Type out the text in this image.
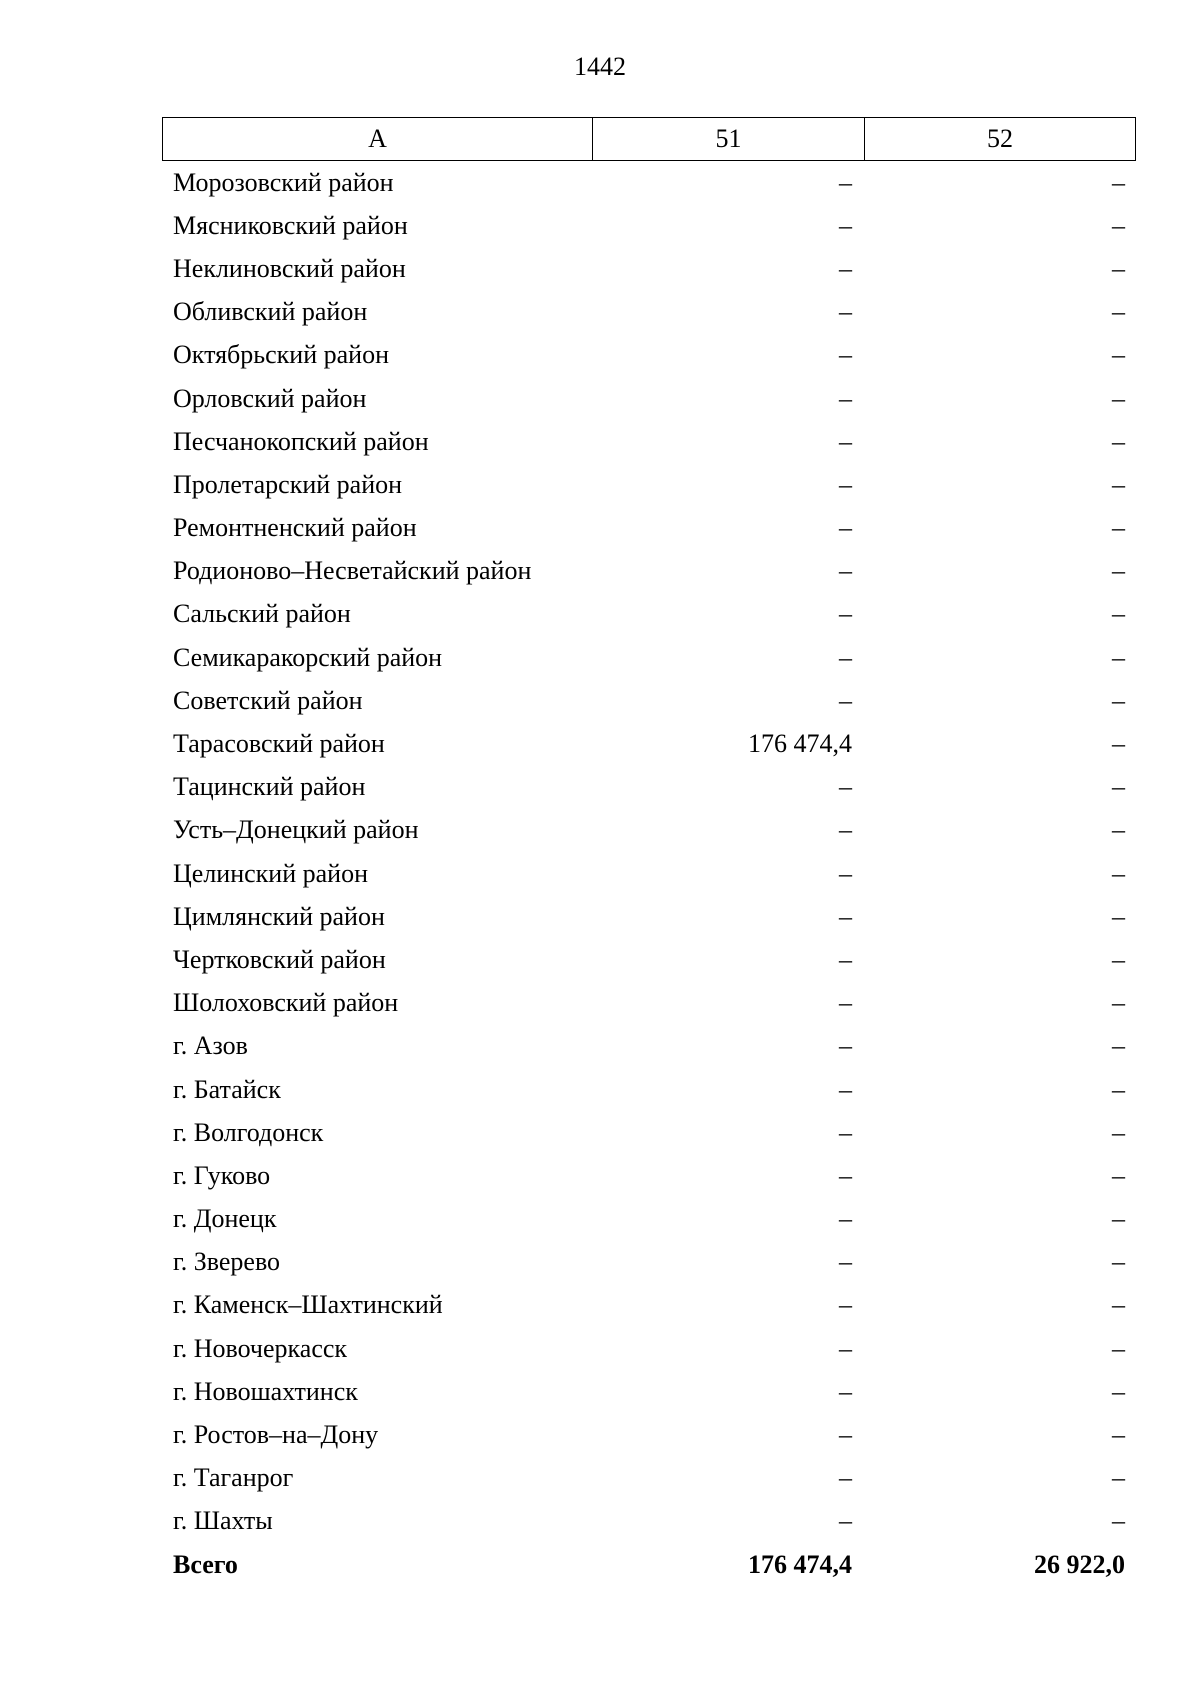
1442
А	51	52
Морозовский район	–	–
Мясниковский район	–	–
Неклиновский район	–	–
Обливский район	–	–
Октябрьский район	–	–
Орловский район	–	–
Песчанокопский район	–	–
Пролетарский район	–	–
Ремонтненский район	–	–
Родионово–Несветайский район	–	–
Сальский район	–	–
Семикаракорский район	–	–
Советский район	–	–
Тарасовский район	176 474,4	–
Тацинский район	–	–
Усть–Донецкий район	–	–
Целинский район	–	–
Цимлянский район	–	–
Чертковский район	–	–
Шолоховский район	–	–
г. Азов	–	–
г. Батайск	–	–
г. Волгодонск	–	–
г. Гуково	–	–
г. Донецк	–	–
г. Зверево	–	–
г. Каменск–Шахтинский	–	–
г. Новочеркасск	–	–
г. Новошахтинск	–	–
г. Ростов–на–Дону	–	–
г. Таганрог	–	–
г. Шахты	–	–
Всего	176 474,4	26 922,0
